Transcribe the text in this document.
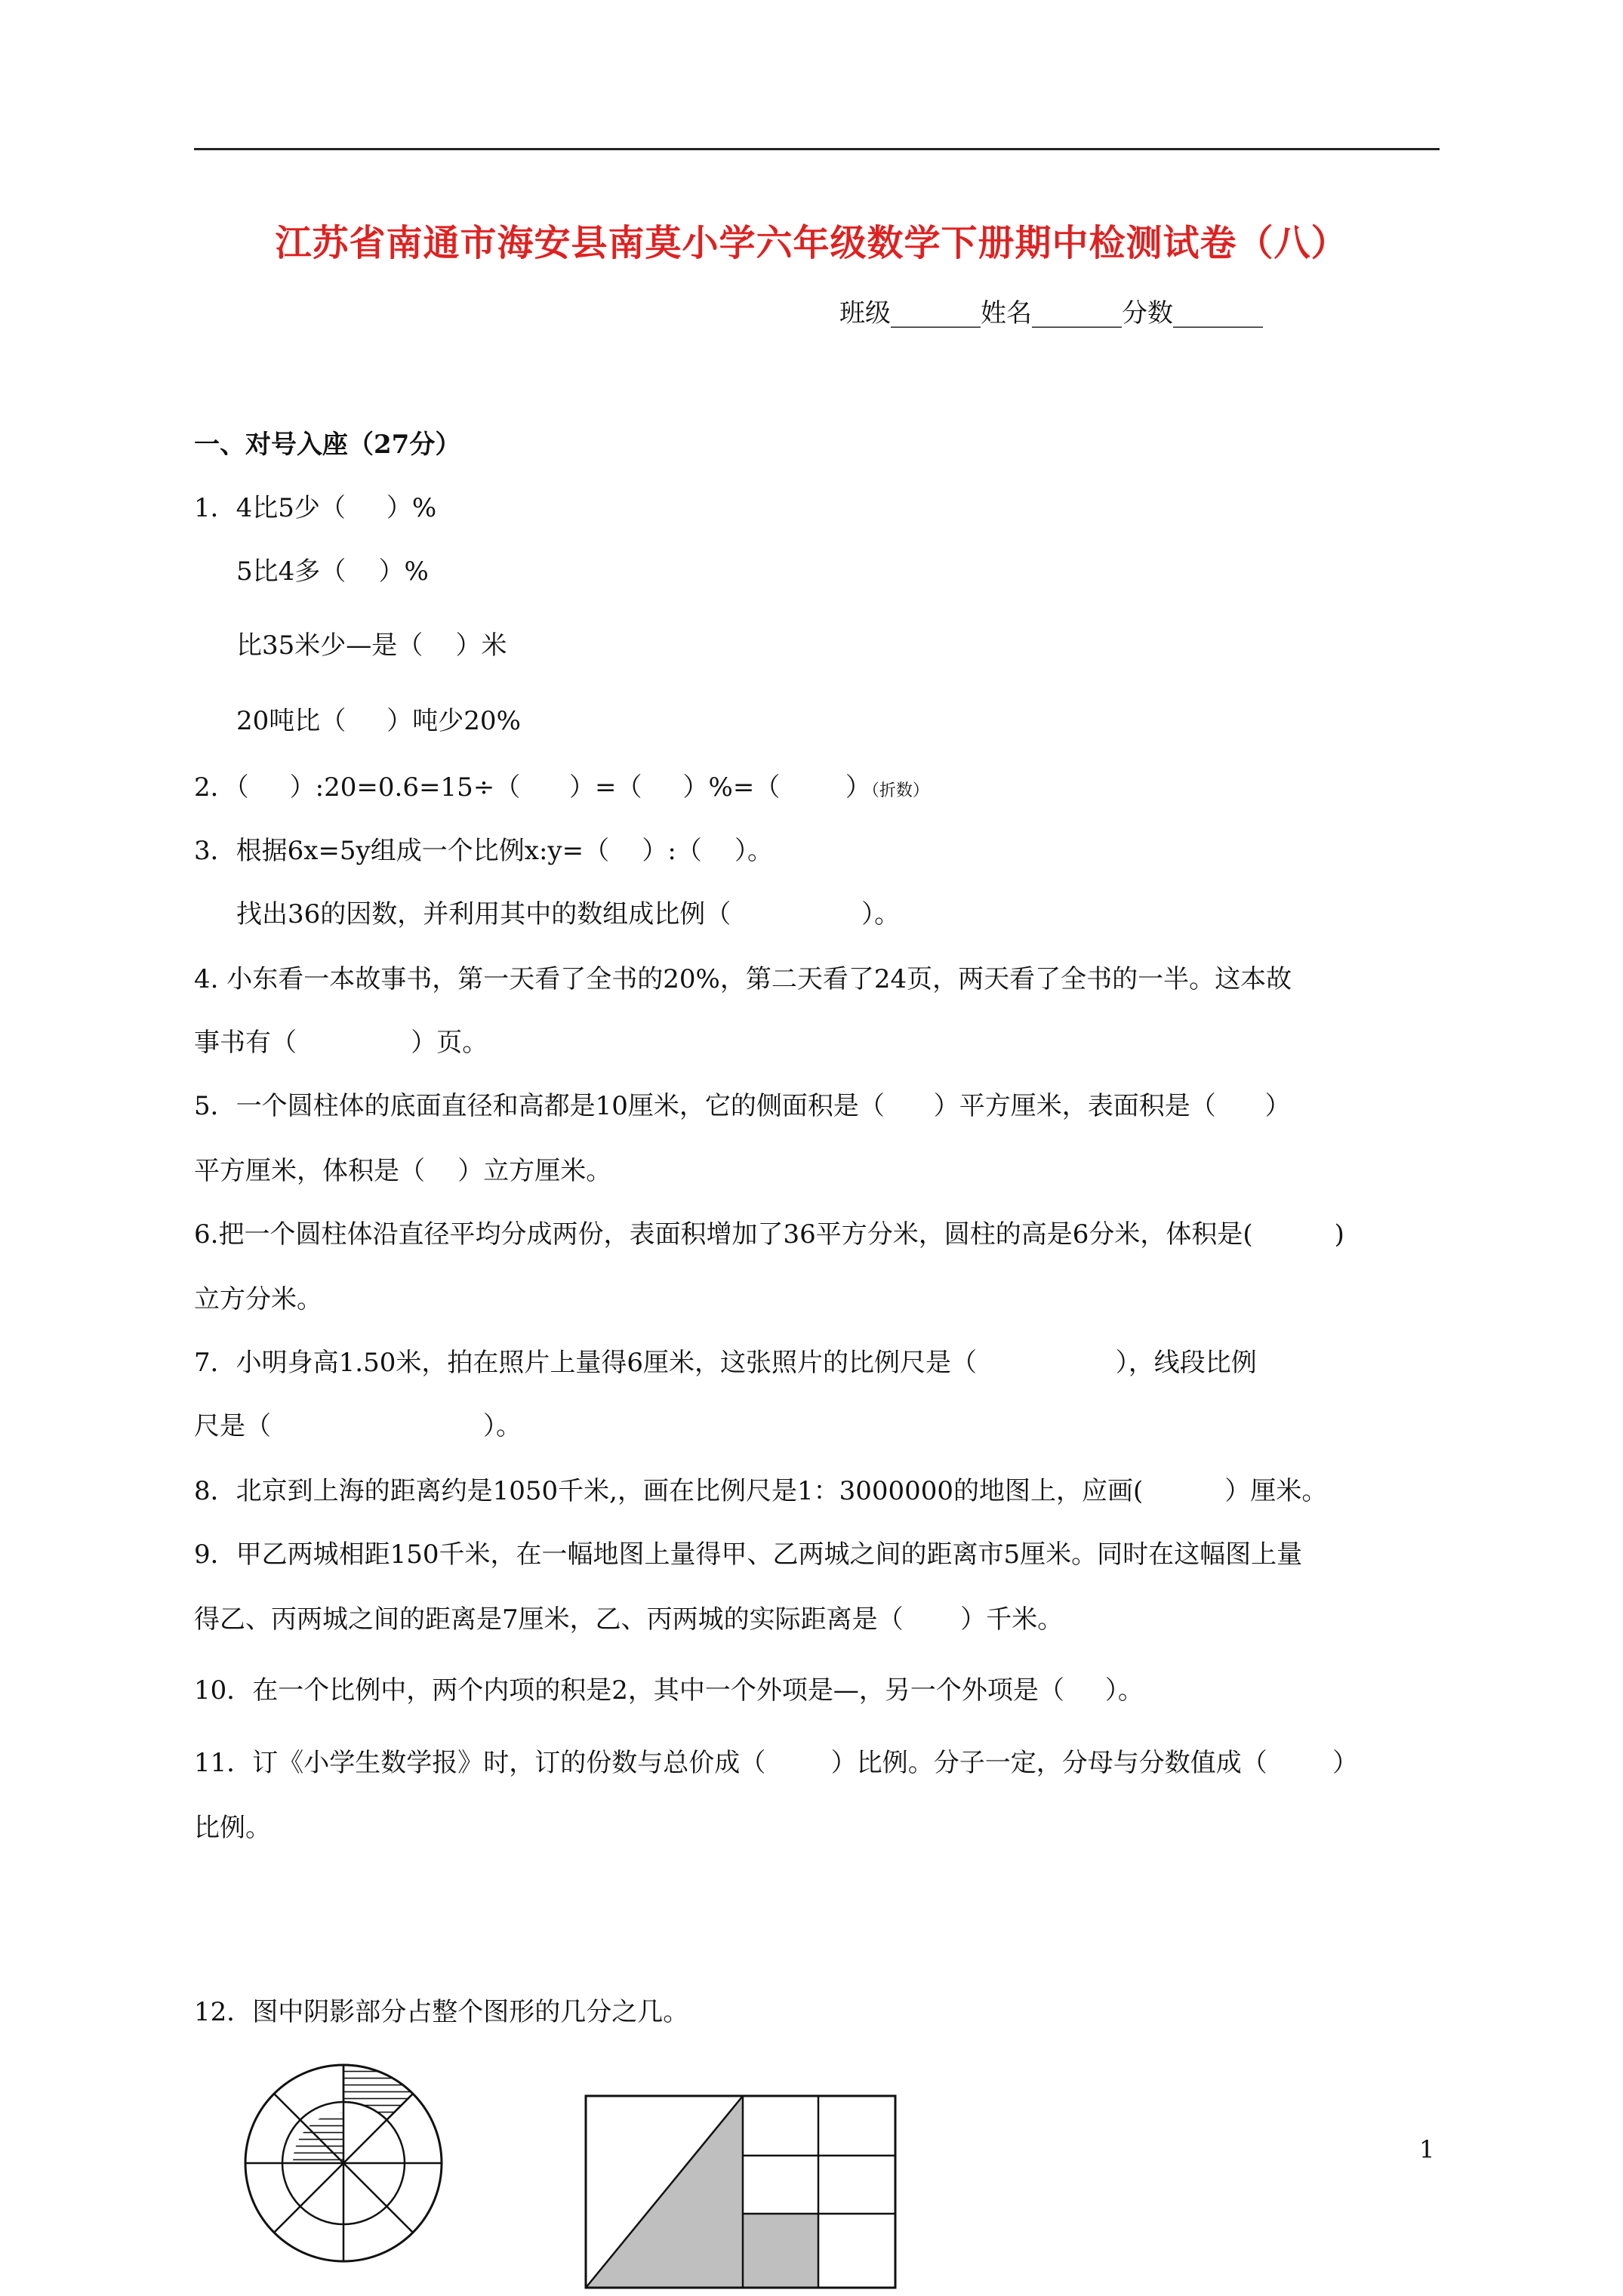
江苏省南通市海安县南莫小学六年级数学下册期中检测试卷（八）
班级_______姓名_______分数_______
一、对号入座（27分）
1．4比5少（     ）%
5比4多（    ）%
比35米少—是（    ）米
20吨比（     ）吨少20%
2．（     ）:20=0.6=15÷（      ）=（     ）%=（        ）（折数）
3．根据6x=5y组成一个比例x:y=（    ）:（    ）。
找出36的因数，并利用其中的数组成比例（                ）。
4. 小东看一本故事书，第一天看了全书的20%，第二天看了24页，两天看了全书的一半。这本故
事书有（              ）页。
5．一个圆柱体的底面直径和高都是10厘米，它的侧面积是（      ）平方厘米，表面积是（      ）
平方厘米，体积是（    ）立方厘米。
6.把一个圆柱体沿直径平均分成两份，表面积增加了36平方分米，圆柱的高是6分米，体积是(          )
立方分米。
7．小明身高1.50米，拍在照片上量得6厘米，这张照片的比例尺是（                 ），线段比例
尺是（                          ）。
8．北京到上海的距离约是1050千米,，画在比例尺是1：3000000的地图上，应画(          ）厘米。
9．甲乙两城相距150千米，在一幅地图上量得甲、乙两城之间的距离市5厘米。同时在这幅图上量
得乙、丙两城之间的距离是7厘米，乙、丙两城的实际距离是（       ）千米。
10．在一个比例中，两个内项的积是2，其中一个外项是—，另一个外项是（     ）。
11．订《小学生数学报》时，订的份数与总价成（        ）比例。分子一定，分母与分数值成（        ）
比例。
12．图中阴影部分占整个图形的几分之几。
1
